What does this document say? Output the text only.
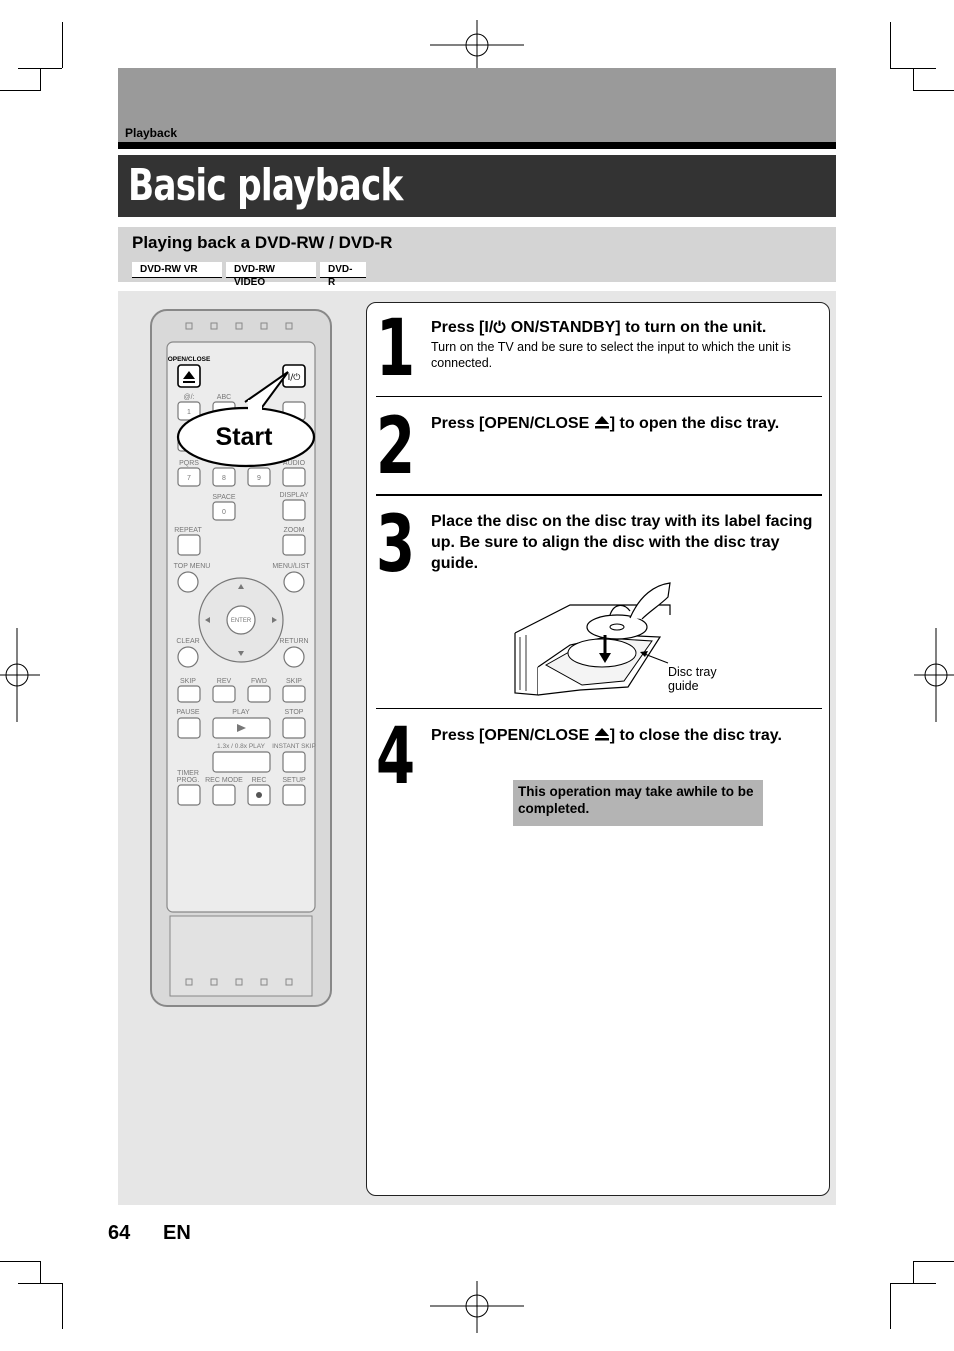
Playback
Basic playback
Playing back a DVD-RW / DVD-R
DVD-RW VR	DVD-RW VIDEO
DVD-R
OPEN/CLOSE
I/⏻
@/:	ABC
1
PQRS	AUDIO
7	8	9
SPACE	DISPLAY
0
REPEAT	ZOOM
TOP MENU	MENU/LIST
ENTER
CLEAR	RETURN
SKIP	REV	FWD	SKIP
PAUSE	PLAY	STOP
1.3x / 0.8x PLAY INSTANT SKIP
TIMER
PROG. REC MODE REC SETUP
Start
1 Press [I/ ON/STANDBY] to turn on the unit.
Turn on the TV and be sure to select the input to which the unit is connected.
2 Press [OPEN/CLOSE ] to open the disc tray.
3 Place the disc on the disc tray with its label facing up. Be sure to align the disc with the disc tray guide.
Disc tray
guide
4 Press [OPEN/CLOSE ] to close the disc tray.
This operation may take awhile to be completed.
64 EN
